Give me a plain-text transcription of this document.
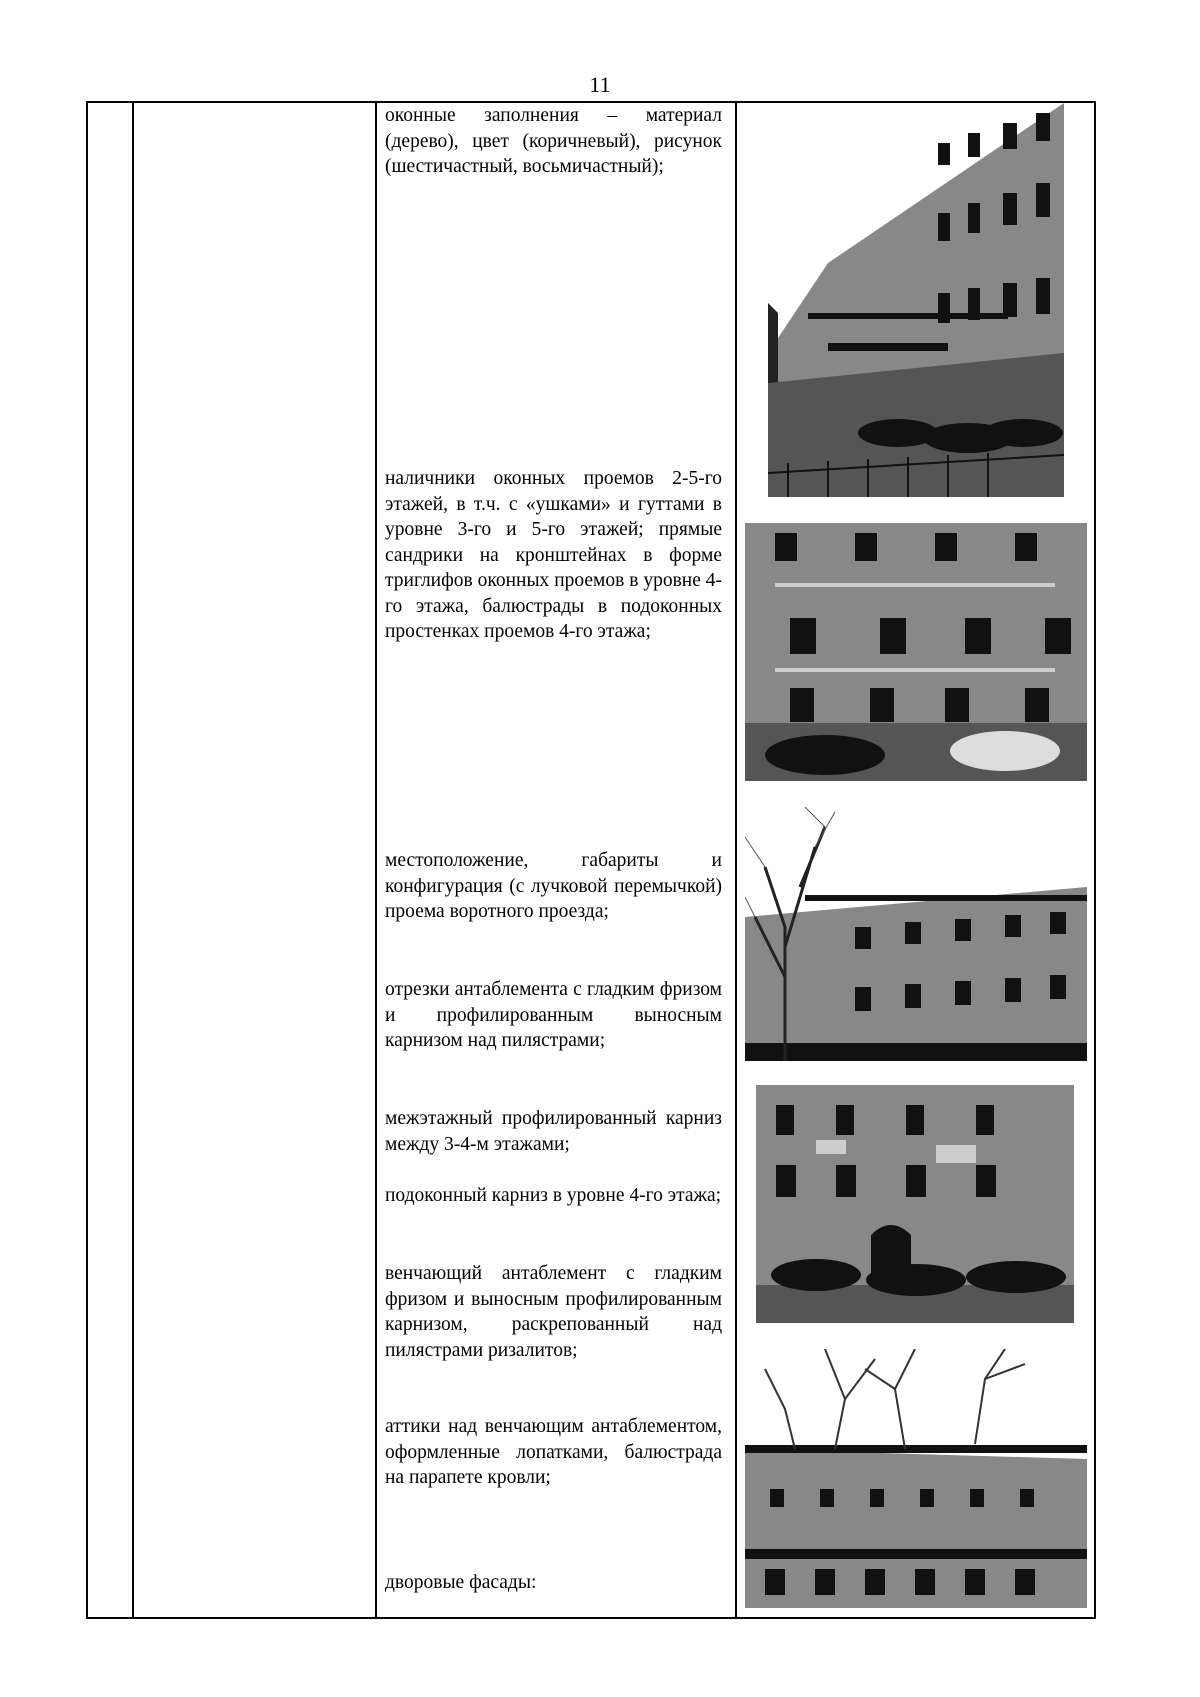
11

оконные заполнения – материал (дерево), цвет (коричневый), рисунок (шестичастный, восьмичастный);

наличники оконных проемов 2-5-го этажей, в т.ч. с «ушками» и гуттами в уровне 3-го и 5-го этажей; прямые сандрики на кронштейнах в форме триглифов оконных проемов в уровне 4-го этажа, балюстрады в подоконных простенках проемов 4-го этажа;

местоположение, габариты и конфигурация (с лучковой перемычкой) проема воротного проезда;

отрезки антаблемента с гладким фризом и профилированным выносным карнизом над пилястрами;

межэтажный профилированный карниз между 3-4-м этажами;

подоконный карниз в уровне 4-го этажа;

венчающий антаблемент с гладким фризом и выносным профилированным карнизом, раскрепованный над пилястрами ризалитов;

аттики над венчающим антаблементом, оформленные лопатками, балюстрада на парапете кровли;

дворовые фасады:
